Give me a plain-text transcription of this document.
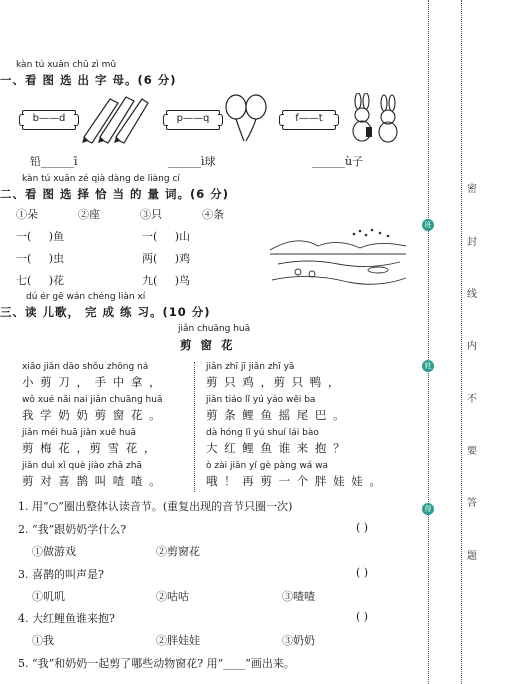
kàn tú xuǎn chū zì mǔ
一、看 图 选 出 字 母。(6 分)
b——d	p——q	f——t
铅______ī	______ì球	______ù子
kàn tú xuǎn zé qià dàng de liàng cí
二、看 图 选 择 恰 当 的 量 词。(6 分)
①朵	②座	③只	④条
一( )鱼	一( )山
一( )虫	两( )鸡
七( )花	九( )鸟
dú ér gē wán chéng liàn xí
三、读 儿歌， 完 成 练 习。(10 分)
jiǎn chuāng huā
剪窗花
xiǎo jiǎn dāo shǒu zhōng ná
小 剪 刀 ， 手 中 拿 ，
wǒ xué nǎi nai jiǎn chuāng huā
我 学 奶 奶 剪 窗 花 。
jiǎn méi huā jiǎn xuě huā
剪 梅 花 ，剪 雪 花 ，
jiǎn duì xǐ què jiào zhā zhā
剪 对 喜 鹊 叫 喳 喳 。
jiǎn zhī jī jiǎn zhī yā
剪 只 鸡 ，剪 只 鸭 ，
jiǎn tiáo lǐ yú yáo wěi ba
剪 条 鲤 鱼 摇 尾 巴 。
dà hóng lǐ yú shuí lái bào
大 红 鲤 鱼 谁 来 抱 ？
ò zài jiǎn yí gè pàng wá wa
哦 ！ 再 剪 一 个 胖 娃 娃 。
1. 用“○”圈出整体认读音节。(重复出现的音节只圈一次)
2. “我”跟奶奶学什么?	( )
①做游戏	②剪窗花
3. 喜鹊的叫声是?	( )
①叽叽	②咕咕	③喳喳
4. 大红鲤鱼谁来抱?	( )
①我	②胖娃娃	③奶奶
5. “我”和奶奶一起剪了哪些动物窗花? 用“____”画出来。
班
姓
得
密
封
线
内
不
要
答
题
